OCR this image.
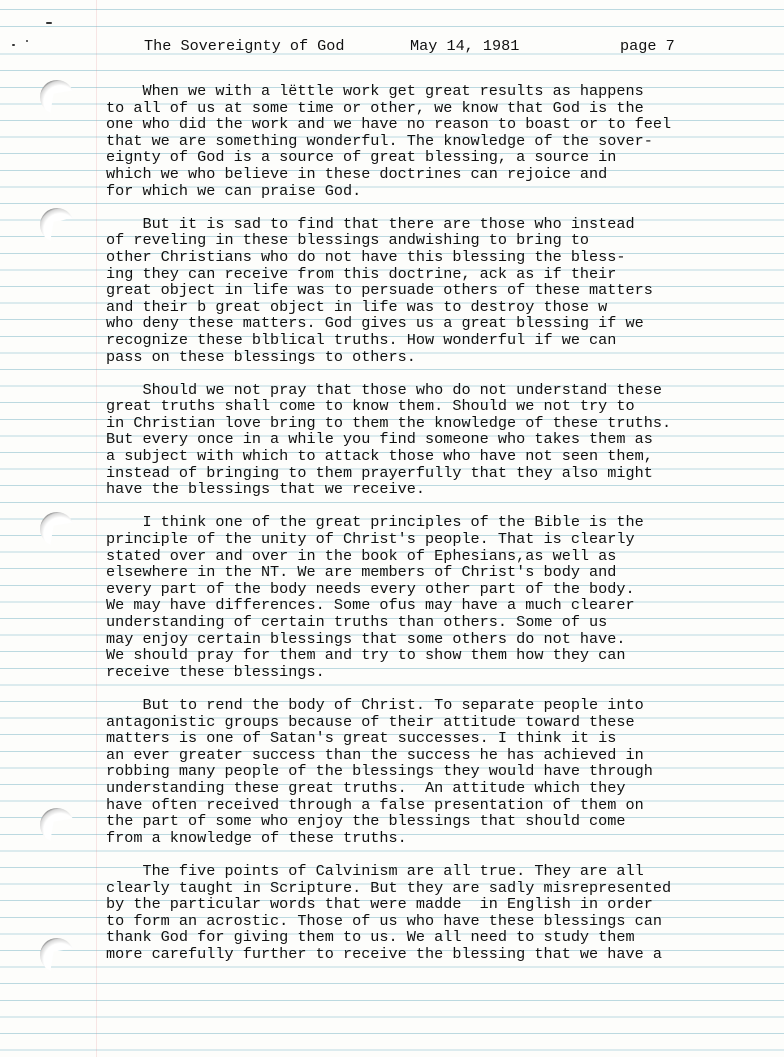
The Sovereignty of God

	May 14, 1981

	page 7

When we with a lëttle work get great results as happens
to all of us at some time or other, we know that God is the
one who did the work and we have no reason to boast or to feel
that we are something wonderful. The knowledge of the sover-
eignty of God is a source of great blessing, a source in
which we who believe in these doctrines can rejoice and
for which we can praise God.
But it is sad to find that there are those who instead
of reveling in these blessings andwishing to bring to
other Christians who do not have this blessing the bless-
ing they can receive from this doctrine, ack as if their
great object in life was to persuade others of these matters
and their b great object in life was to destroy those w
who deny these matters. God gives us a great blessing if we
recognize these blblical truths. How wonderful if we can
pass on these blessings to others.
Should we not pray that those who do not understand these
great truths shall come to know them. Should we not try to
in Christian love bring to them the knowledge of these truths.
But every once in a while you find someone who takes them as
a subject with which to attack those who have not seen them,
instead of bringing to them prayerfully that they also might
have the blessings that we receive.
I think one of the great principles of the Bible is the
principle of the unity of Christ's people. That is clearly
stated over and over in the book of Ephesians,as well as
elsewhere in the NT. We are members of Christ's body and
every part of the body needs every other part of the body.
We may have differences. Some ofus may have a much clearer
understanding of certain truths than others. Some of us
may enjoy certain blessings that some others do not have.
We should pray for them and try to show them how they can
receive these blessings.
But to rend the body of Christ. To separate people into
antagonistic groups because of their attitude toward these
matters is one of Satan's great successes. I think it is
an ever greater success than the success he has achieved in
robbing many people of the blessings they would have through
understanding these great truths.  An attitude which they
have often received through a false presentation of them on
the part of some who enjoy the blessings that should come
from a knowledge of these truths.
The five points of Calvinism are all true. They are all
clearly taught in Scripture. But they are sadly misrepresented
by the particular words that were madde  in English in order
to form an acrostic. Those of us who have these blessings can
thank God for giving them to us. We all need to study them
more carefully further to receive the blessing that we have a
